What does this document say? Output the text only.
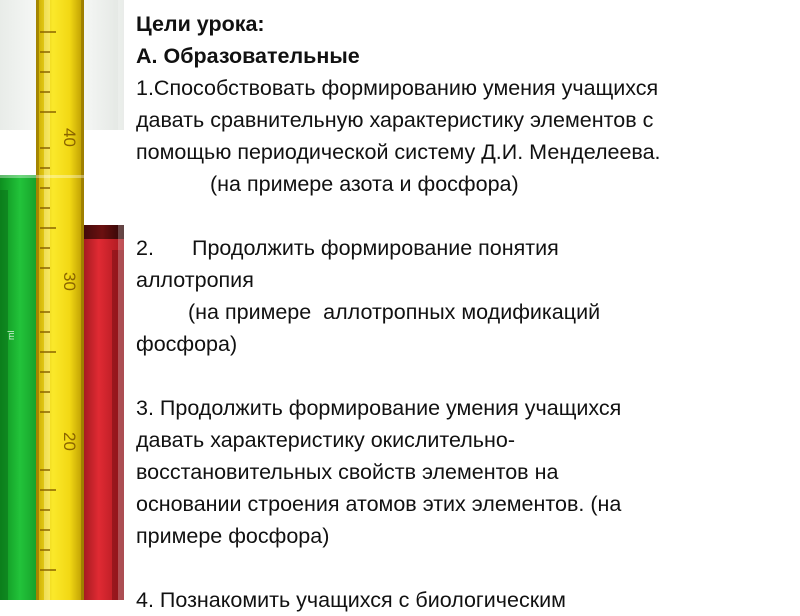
ml
40
30
20
Цели урока:
А. Образовательные
1.Способствовать формированию умения учащихся
давать сравнительную характеристику элементов с
помощью периодической систему Д.И. Менделеева.
(на примере азота и фосфора)
2. Продолжить формирование понятия
аллотропия
(на примере  аллотропных модификаций
фосфора)
3. Продолжить формирование умения учащихся
давать характеристику окислительно-
восстановительных свойств элементов на
основании строения атомов этих элементов. (на
примере фосфора)
4. Познакомить учащихся с биологическим
